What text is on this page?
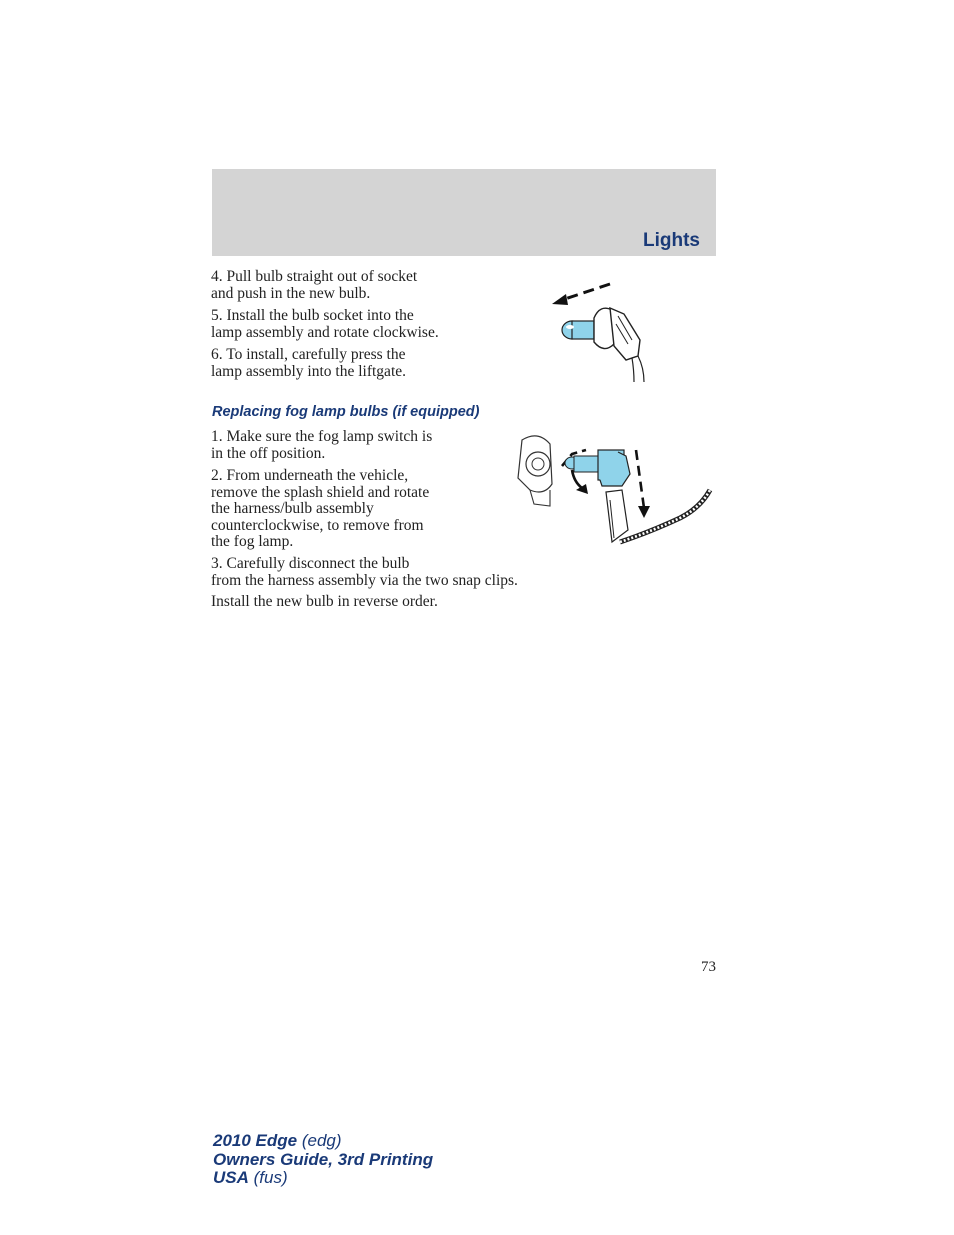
Lights

4. Pull bulb straight out of socket
and push in the new bulb.

5. Install the bulb socket into the
lamp assembly and rotate clockwise.

6. To install, carefully press the
lamp assembly into the liftgate.

Replacing fog lamp bulbs (if equipped)

1. Make sure the fog lamp switch is
in the off position.

2. From underneath the vehicle,
remove the splash shield and rotate
the harness/bulb assembly
counterclockwise, to remove from
the fog lamp.

3. Carefully disconnect the bulb
from the harness assembly via the two snap clips.

Install the new bulb in reverse order.

73
2010 Edge (edg)
Owners Guide, 3rd Printing
USA (fus)
